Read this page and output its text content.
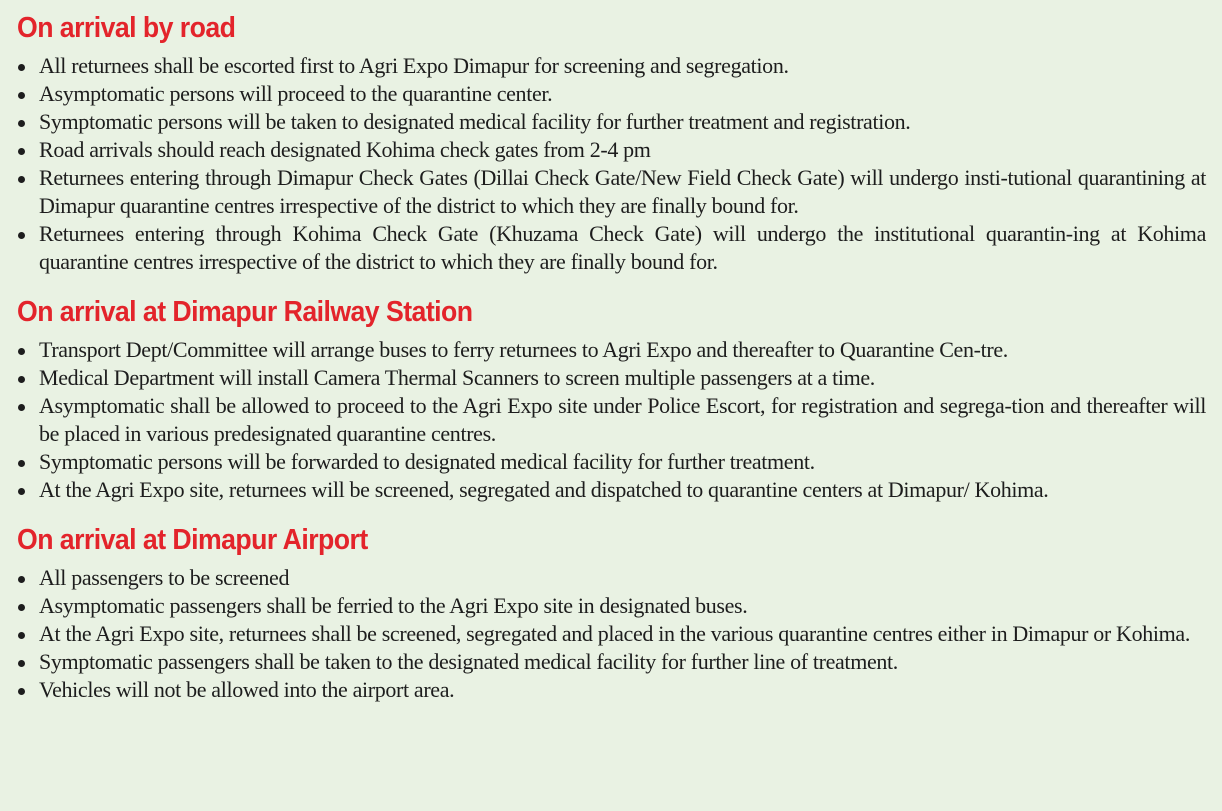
On arrival by road
All returnees shall be escorted first to Agri Expo Dimapur for screening and segregation.
Asymptomatic persons will proceed to the quarantine center.
Symptomatic persons will be taken to designated medical facility for further treatment and registration.
Road arrivals should reach designated Kohima check gates from 2-4 pm
Returnees entering through Dimapur Check Gates (Dillai Check Gate/New Field Check Gate) will undergo insti-tutional quarantining at Dimapur quarantine centres irrespective of the district to which they are finally bound for.
Returnees entering through Kohima Check Gate (Khuzama Check Gate) will undergo the institutional quarantin-ing at Kohima quarantine centres irrespective of the district to which they are finally bound for.
On arrival at Dimapur Railway Station
Transport Dept/Committee will arrange buses to ferry returnees to Agri Expo and thereafter to Quarantine Cen-tre.
Medical Department will install Camera Thermal Scanners to screen multiple passengers at a time.
Asymptomatic shall be allowed to proceed to the Agri Expo site under Police Escort, for registration and segrega-tion and thereafter will be placed in various predesignated quarantine centres.
Symptomatic persons will be forwarded to designated medical facility for further treatment.
At the Agri Expo site, returnees will be screened, segregated and dispatched to quarantine centers at Dimapur/ Kohima.
On arrival at Dimapur Airport
All passengers to be screened
Asymptomatic passengers shall be ferried to the Agri Expo site in designated buses.
At the Agri Expo site, returnees shall be screened, segregated and placed in the various quarantine centres either in Dimapur or Kohima.
Symptomatic passengers shall be taken to the designated medical facility for further line of treatment.
Vehicles will not be allowed into the airport area.
